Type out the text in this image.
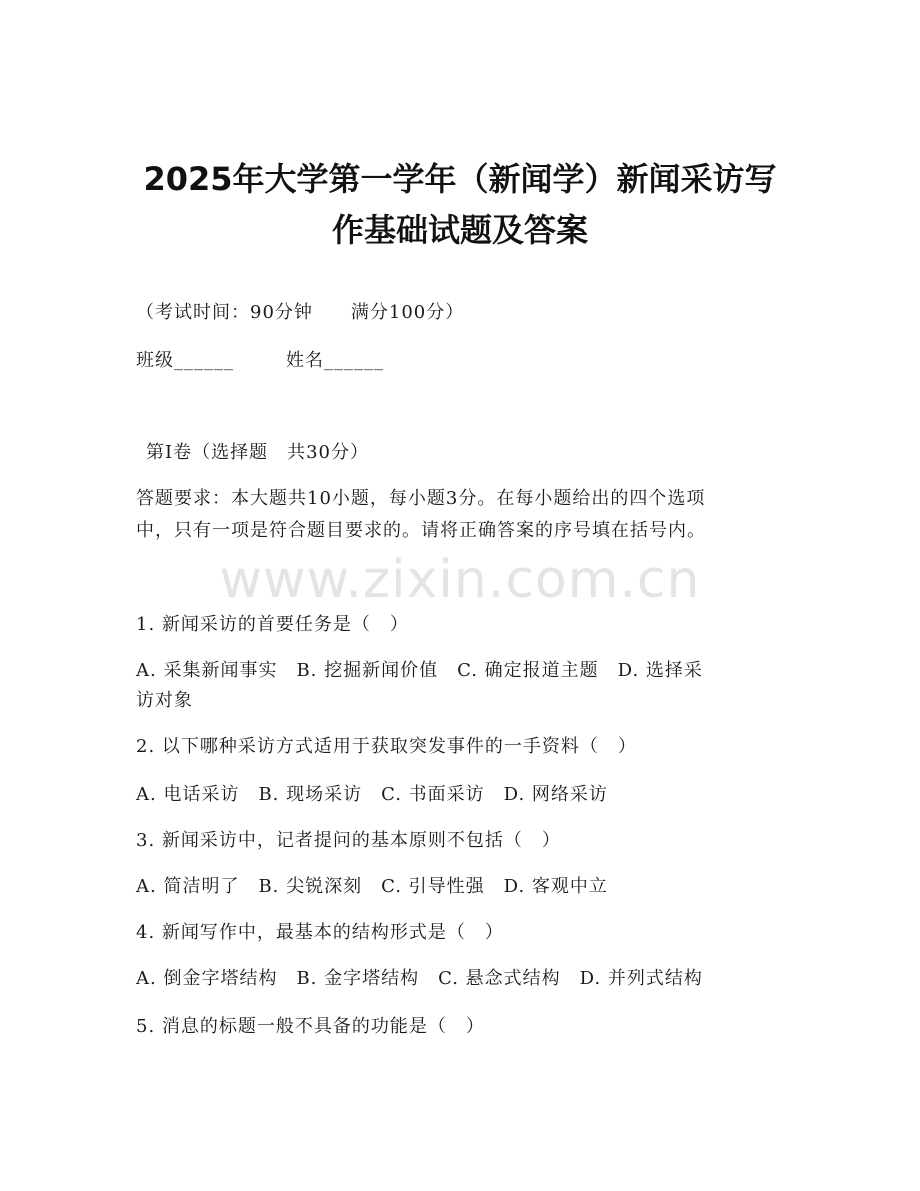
2025年大学第一学年（新闻学）新闻采访写
作基础试题及答案
（考试时间：90分钟　　满分100分）
班级______	姓名______
第Ⅰ卷（选择题　共30分）
答题要求：本大题共10小题，每小题3分。在每小题给出的四个选项
中，只有一项是符合题目要求的。请将正确答案的序号填在括号内。
www.zixin.com.cn
1. 新闻采访的首要任务是（　）
A. 采集新闻事实　B. 挖掘新闻价值　C. 确定报道主题　D. 选择采
访对象
2. 以下哪种采访方式适用于获取突发事件的一手资料（　）
A. 电话采访　B. 现场采访　C. 书面采访　D. 网络采访
3. 新闻采访中，记者提问的基本原则不包括（　）
A. 简洁明了　B. 尖锐深刻　C. 引导性强　D. 客观中立
4. 新闻写作中，最基本的结构形式是（　）
A. 倒金字塔结构　B. 金字塔结构　C. 悬念式结构　D. 并列式结构
5. 消息的标题一般不具备的功能是（　）
